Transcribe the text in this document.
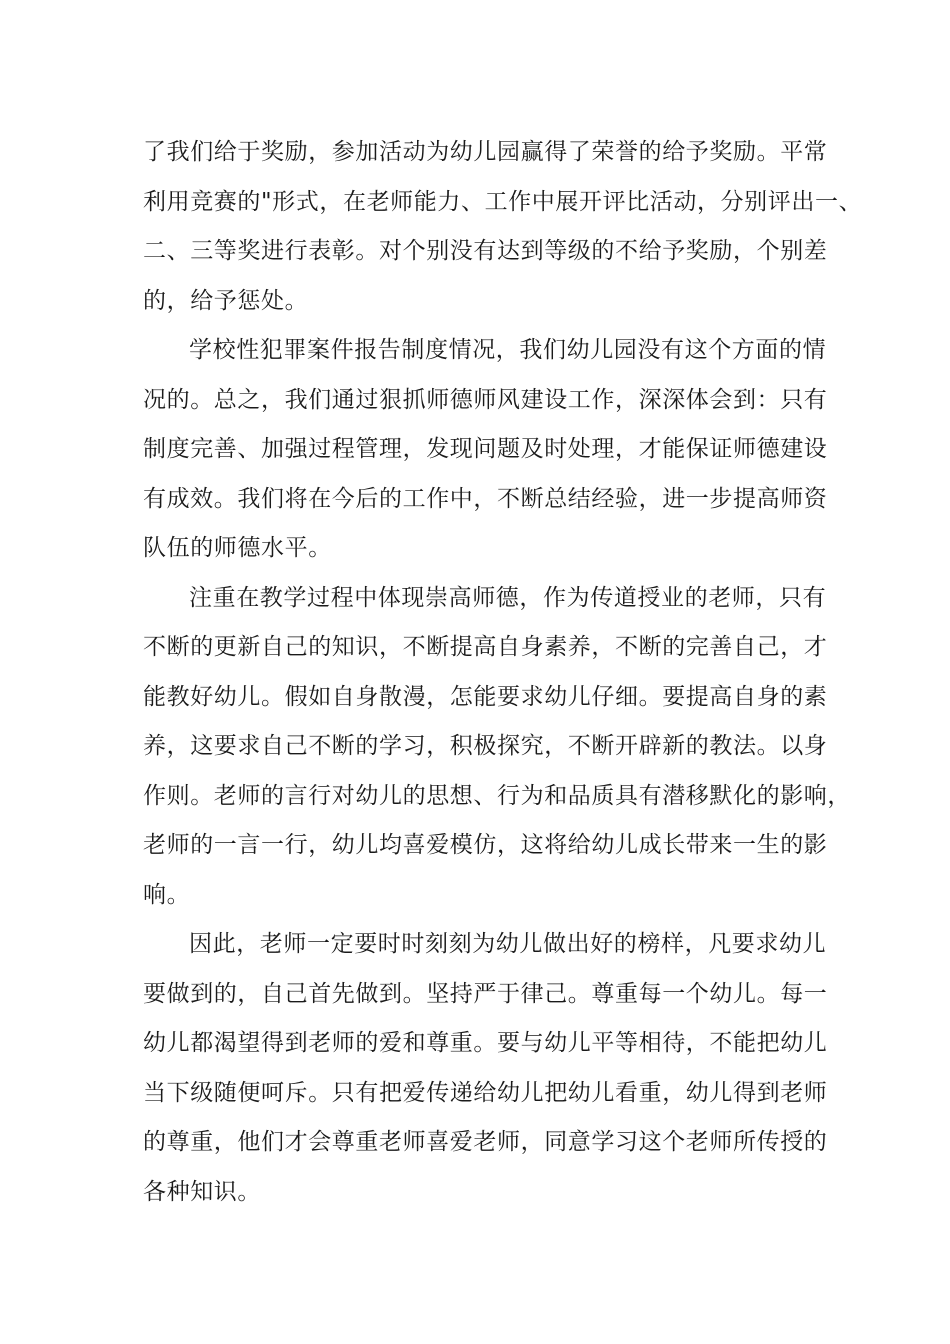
了我们给于奖励，参加活动为幼儿园赢得了荣誉的给予奖励。平常
利用竞赛的"形式，在老师能力、工作中展开评比活动，分别评出一、
二、三等奖进行表彰。对个别没有达到等级的不给予奖励，个别差
的，给予惩处。
学校性犯罪案件报告制度情况，我们幼儿园没有这个方面的情
况的。总之，我们通过狠抓师德师风建设工作，深深体会到：只有
制度完善、加强过程管理，发现问题及时处理，才能保证师德建设
有成效。我们将在今后的工作中，不断总结经验，进一步提高师资
队伍的师德水平。
注重在教学过程中体现崇高师德，作为传道授业的老师，只有
不断的更新自己的知识，不断提高自身素养，不断的完善自己，才
能教好幼儿。假如自身散漫，怎能要求幼儿仔细。要提高自身的素
养，这要求自己不断的学习，积极探究，不断开辟新的教法。以身
作则。老师的言行对幼儿的思想、行为和品质具有潜移默化的影响，
老师的一言一行，幼儿均喜爱模仿，这将给幼儿成长带来一生的影
响。
因此，老师一定要时时刻刻为幼儿做出好的榜样，凡要求幼儿
要做到的，自己首先做到。坚持严于律己。尊重每一个幼儿。每一
幼儿都渴望得到老师的爱和尊重。要与幼儿平等相待，不能把幼儿
当下级随便呵斥。只有把爱传递给幼儿把幼儿看重，幼儿得到老师
的尊重，他们才会尊重老师喜爱老师，同意学习这个老师所传授的
各种知识。
